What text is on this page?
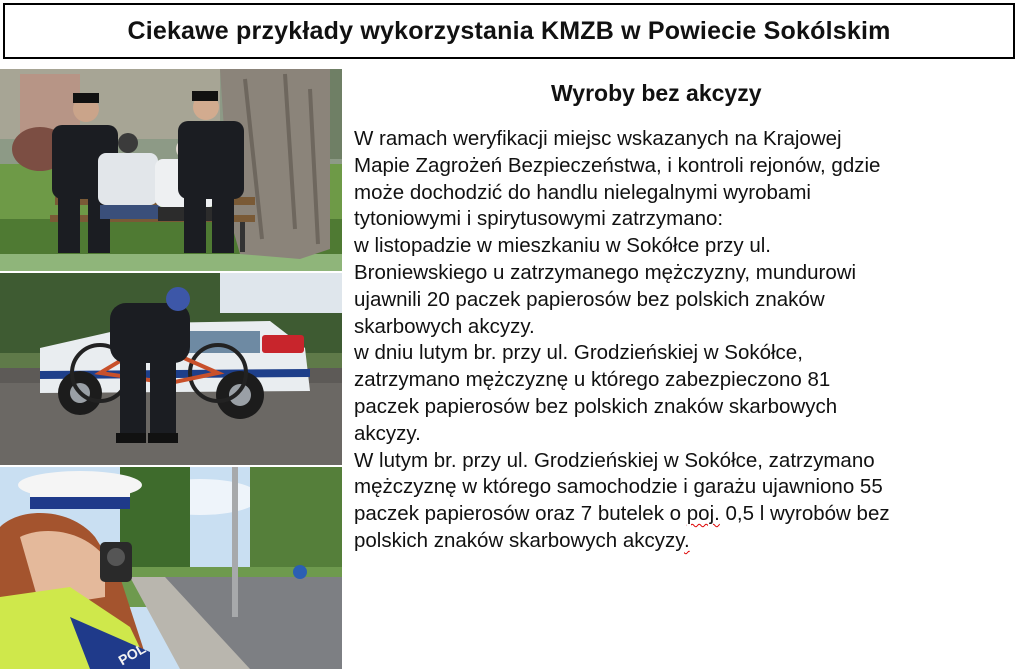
Ciekawe przykłady wykorzystania KMZB w Powiecie Sokólskim
POL
Wyroby bez akcyzy
W ramach weryfikacji miejsc wskazanych na Krajowej
Mapie Zagrożeń Bezpieczeństwa, i kontroli rejonów, gdzie
może dochodzić do handlu nielegalnymi wyrobami
tytoniowymi i spirytusowymi zatrzymano:
w listopadzie w mieszkaniu w Sokółce przy ul.
Broniewskiego u zatrzymanego mężczyzny, mundurowi
ujawnili 20 paczek papierosów bez polskich znaków
skarbowych akcyzy.
w dniu lutym br. przy ul. Grodzieńskiej w Sokółce,
zatrzymano mężczyznę u którego zabezpieczono 81
paczek papierosów bez polskich znaków skarbowych
akcyzy.
W lutym br. przy ul. Grodzieńskiej w Sokółce, zatrzymano
mężczyznę w którego samochodzie i garażu ujawniono 55
paczek papierosów oraz 7 butelek o poj. 0,5 l wyrobów bez
polskich znaków skarbowych akcyzy.
